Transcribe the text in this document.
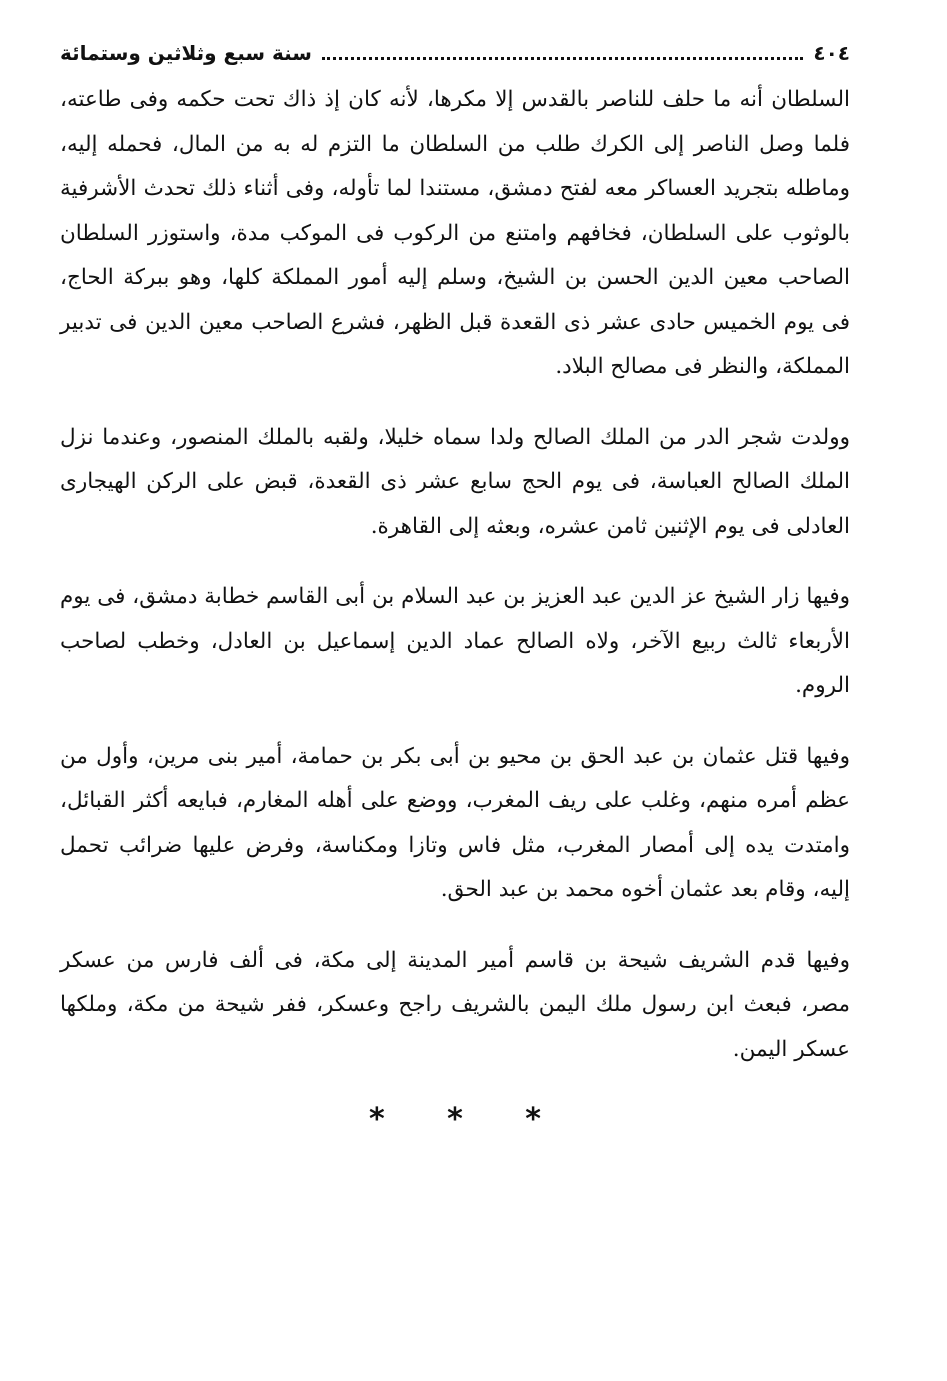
٤٠٤
سنة سبع وثلاثين وستمائة

السلطان أنه ما حلف للناصر بالقدس إلا مكرها، لأنه كان إذ ذاك تحت حكمه وفى طاعته، فلما وصل الناصر إلى الكرك طلب من السلطان ما التزم له به من المال، فحمله إليه، وماطله بتجريد العساكر معه لفتح دمشق، مستندا لما تأوله، وفى أثناء ذلك تحدث الأشرفية بالوثوب على السلطان، فخافهم وامتنع من الركوب فى الموكب مدة، واستوزر السلطان الصاحب معين الدين الحسن بن الشيخ، وسلم إليه أمور المملكة كلها، وهو ببركة الحاج، فى يوم الخميس حادى عشر ذى القعدة قبل الظهر، فشرع الصاحب معين الدين فى تدبير المملكة، والنظر فى مصالح البلاد.

وولدت شجر الدر من الملك الصالح ولدا سماه خليلا، ولقبه بالملك المنصور، وعندما نزل الملك الصالح العباسة، فى يوم الحج سابع عشر ذى القعدة، قبض على الركن الهيجارى العادلى فى يوم الإثنين ثامن عشره، وبعثه إلى القاهرة.

وفيها زار الشيخ عز الدين عبد العزيز بن عبد السلام بن أبى القاسم خطابة دمشق، فى يوم الأربعاء ثالث ربيع الآخر، ولاه الصالح عماد الدين إسماعيل بن العادل، وخطب لصاحب الروم.

وفيها قتل عثمان بن عبد الحق بن محيو بن أبى بكر بن حمامة، أمير بنى مرين، وأول من عظم أمره منهم، وغلب على ريف المغرب، ووضع على أهله المغارم، فبايعه أكثر القبائل، وامتدت يده إلى أمصار المغرب، مثل فاس وتازا ومكناسة، وفرض عليها ضرائب تحمل إليه، وقام بعد عثمان أخوه محمد بن عبد الحق.

وفيها قدم الشريف شيحة بن قاسم أمير المدينة إلى مكة، فى ألف فارس من عسكر مصر، فبعث ابن رسول ملك اليمن بالشريف راجح وعسكر، ففر شيحة من مكة، وملكها عسكر اليمن.

* * *
